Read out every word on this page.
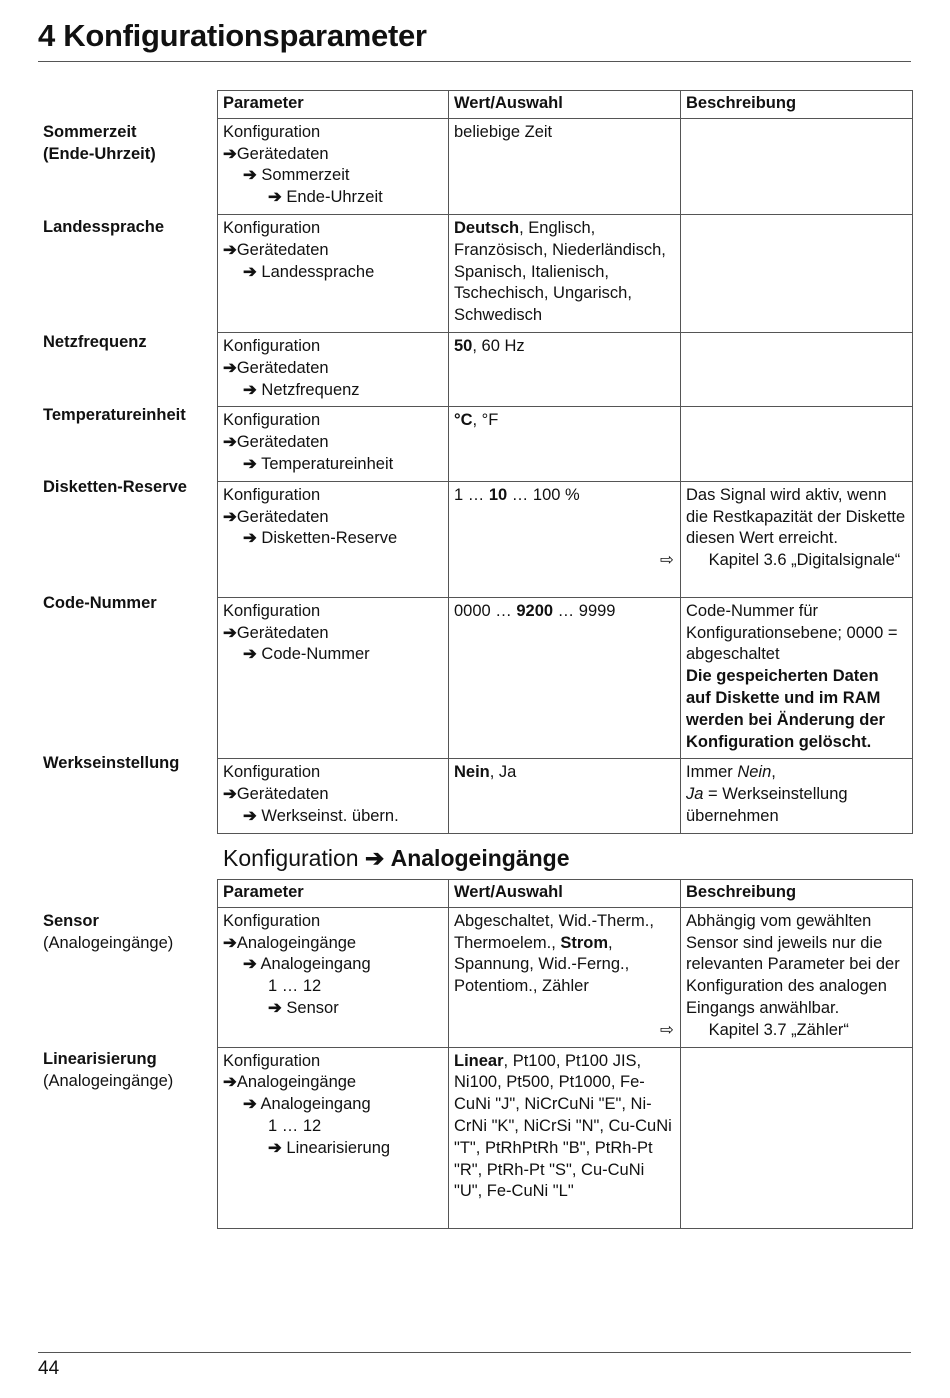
4 Konfigurationsparameter
Sommerzeit
(Ende-Uhrzeit)
Landessprache
Netzfrequenz
Temperatureinheit
Disketten-Reserve
Code-Nummer
Werkseinstellung
Parameter	Wert/Auswahl	Beschreibung

Konfiguration
➔Gerätedaten
➔ Sommerzeit
➔ Ende-Uhrzeit	beliebige Zeit	

Konfiguration
➔Gerätedaten
➔ Landessprache	Deutsch, Englisch, Französisch, Niederländisch, Spanisch, Italienisch, Tschechisch, Ungarisch, Schwedisch	

Konfiguration
➔Gerätedaten
➔ Netzfrequenz	50, 60 Hz	

Konfiguration
➔Gerätedaten
➔ Temperatureinheit	°C, °F	

Konfiguration
➔Gerätedaten
➔ Disketten-Reserve	1 … 10 … 100 %	Das Signal wird aktiv, wenn die Restkapazität der Diskette diesen Wert erreicht.
⇨ Kapitel 3.6 „Digitalsignale“

Konfiguration
➔Gerätedaten
➔ Code-Nummer	0000 … 9200 … 9999	Code-Nummer für Konfigurationsebene; 0000 = abgeschaltet
Die gespeicherten Daten auf Diskette und im RAM werden bei Änderung der Konfiguration gelöscht.

Konfiguration
➔Gerätedaten
➔ Werkseinst. übern.	Nein, Ja	Immer Nein,
Ja = Werkseinstellung übernehmen
Konfiguration ➔ Analogeingänge
Sensor
(Analogeingänge)
Linearisierung
(Analogeingänge)
Parameter	Wert/Auswahl	Beschreibung

Konfiguration
➔Analogeingänge
➔ Analogeingang
1 … 12
➔ Sensor	Abgeschaltet, Wid.-Therm., Thermoelem., Strom, Spannung, Wid.-Ferng., Potentiom., Zähler	Abhängig vom gewählten Sensor sind jeweils nur die relevanten Parameter bei der Konfiguration des analogen Eingangs anwählbar.
⇨ Kapitel 3.7 „Zähler“

Konfiguration
➔Analogeingänge
➔ Analogeingang
1 … 12
➔ Linearisierung	Linear, Pt100, Pt100 JIS, Ni100, Pt500, Pt1000, Fe-CuNi "J", NiCrCuNi "E", Ni-CrNi "K", NiCrSi "N", Cu-CuNi "T", PtRhPtRh "B", PtRh-Pt "R", PtRh-Pt "S", Cu-CuNi "U", Fe-CuNi "L"	
44
